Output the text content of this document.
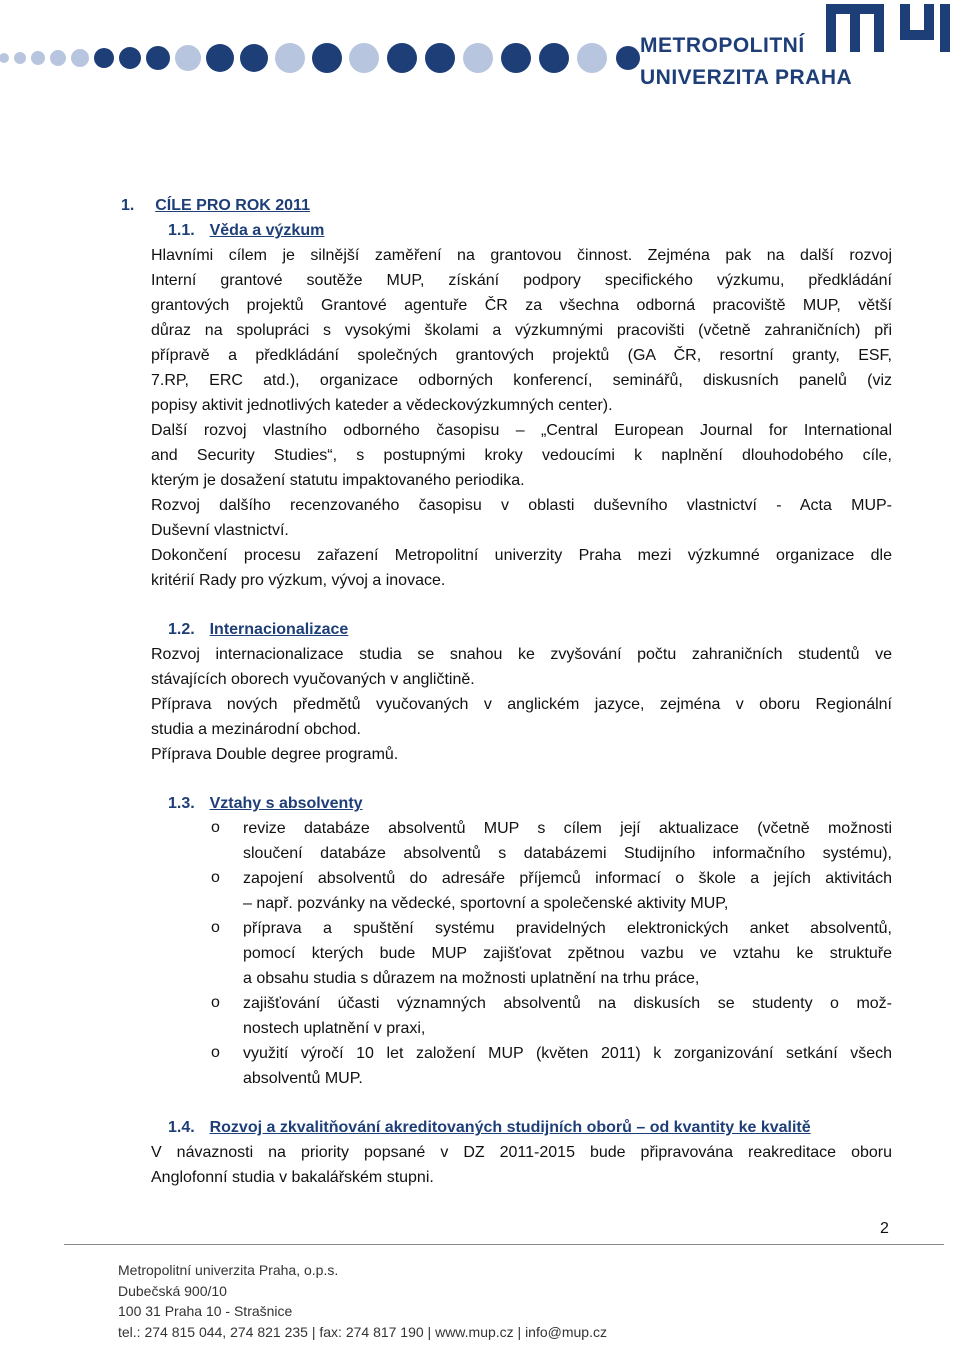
METROPOLITNÍ
UNIVERZITA PRAHA
1. CÍLE PRO ROK 2011
1.1. Věda a výzkum
Hlavními cílem je silnější zaměření na grantovou činnost. Zejména pak na další rozvoj
Interní grantové soutěže MUP, získání podpory specifického výzkumu, předkládání
grantových projektů Grantové agentuře ČR za všechna odborná pracoviště MUP, větší
důraz na spolupráci s vysokými školami a výzkumnými pracovišti (včetně zahraničních) při
přípravě a předkládání společných grantových projektů (GA ČR, resortní granty, ESF,
7.RP, ERC atd.), organizace odborných konferencí, seminářů, diskusních panelů (viz
popisy aktivit jednotlivých kateder a vědeckovýzkumných center).
Další rozvoj vlastního odborného časopisu – „Central European Journal for International
and Security Studies“, s postupnými kroky vedoucími k naplnění dlouhodobého cíle,
kterým je dosažení statutu impaktovaného periodika.
Rozvoj dalšího recenzovaného časopisu v oblasti duševního vlastnictví - Acta MUP-
Duševní vlastnictví.
Dokončení procesu zařazení Metropolitní univerzity Praha mezi výzkumné organizace dle
kritérií Rady pro výzkum, vývoj a inovace.
1.2. Internacionalizace
Rozvoj internacionalizace studia se snahou ke zvyšování počtu zahraničních studentů ve
stávajících oborech vyučovaných v angličtině.
Příprava nových předmětů vyučovaných v anglickém jazyce, zejména v oboru Regionální
studia a mezinárodní obchod.
Příprava Double degree programů.
1.3. Vztahy s absolventy
o revize databáze absolventů MUP s cílem její aktualizace (včetně možnosti
sloučení databáze absolventů s databázemi Studijního informačního systému),
o zapojení absolventů do adresáře příjemců informací o škole a jejích aktivitách
– např. pozvánky na vědecké, sportovní a společenské aktivity MUP,
o příprava a spuštění systému pravidelných elektronických anket absolventů,
pomocí kterých bude MUP zajišťovat zpětnou vazbu ve vztahu ke struktuře
a obsahu studia s důrazem na možnosti uplatnění na trhu práce,
o zajišťování účasti významných absolventů na diskusích se studenty o mož-
nostech uplatnění v praxi,
o využití výročí 10 let založení MUP (květen 2011) k zorganizování setkání všech
absolventů MUP.
1.4. Rozvoj a zkvalitňování akreditovaných studijních oborů – od kvantity ke kvalitě
V návaznosti na priority popsané v DZ 2011-2015 bude připravována reakreditace oboru
Anglofonní studia v bakalářském stupni.
2
Metropolitní univerzita Praha, o.p.s.
Dubečská 900/10
100 31 Praha 10 - Strašnice
tel.: 274 815 044, 274 821 235 | fax: 274 817 190 | www.mup.cz | info@mup.cz
